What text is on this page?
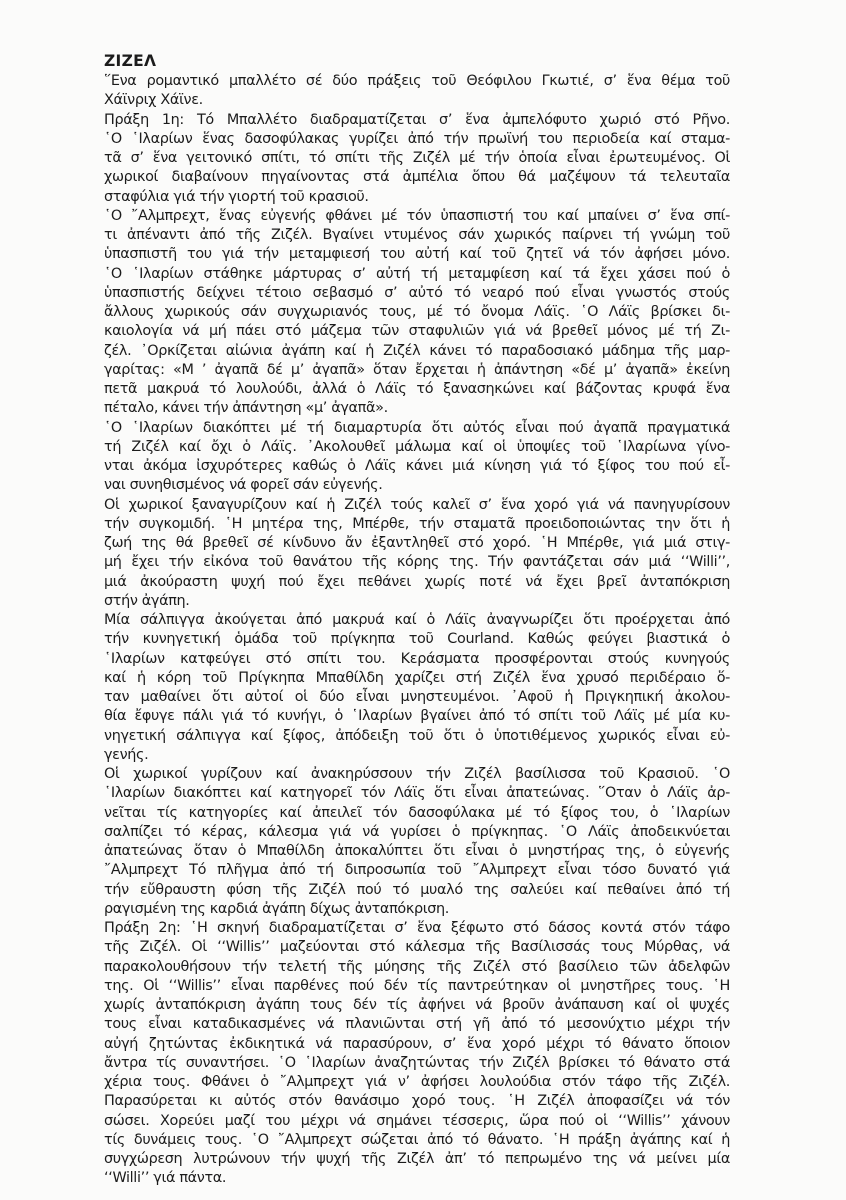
ΖΙΖΕΛ
῞Ενα ρομαντικό μπαλλέτο σέ δύο πράξεις τοῦ Θεόφιλου Γκωτιέ, σ’ ἕνα θέμα τοῦ
Χάϊνριχ Χάϊνε.
Πράξη 1η: Τό Μπαλλέτο διαδραματίζεται σ’ ἕνα ἀμπελόφυτο χωριό στό Ρῆνο.
῾Ο ῾Ιλαρίων ἕνας δασοφύλακας γυρίζει ἀπό τήν πρωϊνή του περιοδεία καί σταμα-
τᾶ σ’ ἕνα γειτονικό σπίτι, τό σπίτι τῆς Ζιζέλ μέ τήν ὁποία εἶναι ἐρωτευμένος. Οἱ
χωρικοί διαβαίνουν πηγαίνοντας στά ἀμπέλια ὅπου θά μαζέψουν τά τελευταῖα
σταφύλια γιά τήν γιορτή τοῦ κρασιοῦ.
῾Ο ῎Αλμπρεχτ, ἕνας εὐγενής φθάνει μέ τόν ὑπασπιστή του καί μπαίνει σ’ ἕνα σπί-
τι ἀπέναντι ἀπό τῆς Ζιζέλ. Βγαίνει ντυμένος σάν χωρικός παίρνει τή γνώμη τοῦ
ὑπασπιστῆ του γιά τήν μεταμφιεσή του αὐτή καί τοῦ ζητεῖ νά τόν ἀφήσει μόνο.
῾Ο ῾Ιλαρίων στάθηκε μάρτυρας σ’ αὐτή τή μεταμφίεση καί τά ἔχει χάσει πού ὁ
ὑπασπιστής δείχνει τέτοιο σεβασμό σ’ αὐτό τό νεαρό πού εἶναι γνωστός στούς
ἄλλους χωρικούς σάν συγχωριανός τους, μέ τό ὄνομα Λάϊς. ῾Ο Λάϊς βρίσκει δι-
καιολογία νά μή πάει στό μάζεμα τῶν σταφυλιῶν γιά νά βρεθεῖ μόνος μέ τή Ζι-
ζέλ. ᾿Ορκίζεται αἰώνια ἀγάπη καί ἡ Ζιζέλ κάνει τό παραδοσιακό μάδημα τῆς μαρ-
γαρίτας: «Μ ’ ἀγαπᾶ δέ μ’ ἀγαπᾶ» ὅταν ἔρχεται ἡ ἀπάντηση «δέ μ’ ἀγαπᾶ» ἐκείνη
πετᾶ μακρυά τό λουλούδι, ἀλλά ὁ Λάϊς τό ξανασηκώνει καί βάζοντας κρυφά ἕνα
πέταλο, κάνει τήν ἀπάντηση «μ’ ἀγαπᾶ».
῾Ο ῾Ιλαρίων διακόπτει μέ τή διαμαρτυρία ὅτι αὐτός εἶναι πού ἀγαπᾶ πραγματικά
τή Ζιζέλ καί ὄχι ὁ Λάϊς. ᾿Ακολουθεῖ μάλωμα καί οἱ ὑποψίες τοῦ ῾Ιλαρίωνα γίνο-
νται ἀκόμα ἰσχυρότερες καθώς ὁ Λάϊς κάνει μιά κίνηση γιά τό ξίφος του πού εἶ-
ναι συνηθισμένος νά φορεῖ σάν εὐγενής.
Οἱ χωρικοί ξαναγυρίζουν καί ἡ Ζιζέλ τούς καλεῖ σ’ ἕνα χορό γιά νά πανηγυρίσουν
τήν συγκομιδή. ῾Η μητέρα της, Μπέρθε, τήν σταματᾶ προειδοποιώντας την ὅτι ἡ
ζωή της θά βρεθεῖ σέ κίνδυνο ἄν ἐξαντληθεῖ στό χορό. ῾Η Μπέρθε, γιά μιά στιγ-
μή ἔχει τήν εἰκόνα τοῦ θανάτου τῆς κόρης της. Τήν φαντάζεται σάν μιά ‘‘Willi’’,
μιά ἀκούραστη ψυχή πού ἔχει πεθάνει χωρίς ποτέ νά ἔχει βρεῖ ἀνταπόκριση
στήν ἀγάπη.
Μία σάλπιγγα ἀκούγεται ἀπό μακρυά καί ὁ Λάϊς ἀναγνωρίζει ὅτι προέρχεται ἀπό
τήν κυνηγετική ὁμάδα τοῦ πρίγκηπα τοῦ Courland. Καθώς φεύγει βιαστικά ὁ
῾Ιλαρίων κατφεύγει στό σπίτι του. Κεράσματα προσφέρονται στούς κυνηγούς
καί ἡ κόρη τοῦ Πρίγκηπα Μπαθίλδη χαρίζει στή Ζιζέλ ἕνα χρυσό περιδέραιο ὅ-
ταν μαθαίνει ὅτι αὐτοί οἱ δύο εἶναι μνηστευμένοι. ᾿Αφοῦ ἡ Πριγκηπική ἀκολου-
θία ἔφυγε πάλι γιά τό κυνήγι, ὁ ῾Ιλαρίων βγαίνει ἀπό τό σπίτι τοῦ Λάϊς μέ μία κυ-
νηγετική σάλπιγγα καί ξίφος, ἀπόδειξη τοῦ ὅτι ὁ ὑποτιθέμενος χωρικός εἶναι εὐ-
γενής.
Οἱ χωρικοί γυρίζουν καί ἀνακηρύσσουν τήν Ζιζέλ βασίλισσα τοῦ Κρασιοῦ. ῾Ο
῾Ιλαρίων διακόπτει καί κατηγορεῖ τόν Λάϊς ὅτι εἶναι ἀπατεώνας. ῞Οταν ὁ Λάϊς ἀρ-
νεῖται τίς κατηγορίες καί ἀπειλεῖ τόν δασοφύλακα μέ τό ξίφος του, ὁ ῾Ιλαρίων
σαλπίζει τό κέρας, κάλεσμα γιά νά γυρίσει ὁ πρίγκηπας. ῾Ο Λάϊς ἀποδεικνύεται
ἀπατεώνας ὅταν ὁ Μπαθίλδη ἀποκαλύπτει ὅτι εἶναι ὁ μνηστήρας της, ὁ εὐγενής
῎Αλμπρεχτ Τό πλῆγμα ἀπό τή διπροσωπία τοῦ ῎Αλμπρεχτ εἶναι τόσο δυνατό γιά
τήν εὔθραυστη φύση τῆς Ζιζέλ πού τό μυαλό της σαλεύει καί πεθαίνει ἀπό τή
ραγισμένη της καρδιά ἀγάπη δίχως ἀνταπόκριση.
Πράξη 2η: ῾Η σκηνή διαδραματίζεται σ’ ἕνα ξέφωτο στό δάσος κοντά στόν τάφο
τῆς Ζιζέλ. Οἱ ‘‘Willis’’ μαζεύονται στό κάλεσμα τῆς Βασίλισσάς τους Μύρθας, νά
παρακολουθήσουν τήν τελετή τῆς μύησης τῆς Ζιζέλ στό βασίλειο τῶν ἀδελφῶν
της. Οἱ ‘‘Willis’’ εἶναι παρθένες πού δέν τίς παντρεύτηκαν οἱ μνηστῆρες τους. ῾Η
χωρίς ἀνταπόκριση ἀγάπη τους δέν τίς ἀφήνει νά βροῦν ἀνάπαυση καί οἱ ψυχές
τους εἶναι καταδικασμένες νά πλανιῶνται στή γῆ ἀπό τό μεσονύχτιο μέχρι τήν
αὐγή ζητώντας ἐκδικητικά νά παρασύρουν, σ’ ἕνα χορό μέχρι τό θάνατο ὅποιον
ἄντρα τίς συναντήσει. ῾Ο ῾Ιλαρίων ἀναζητώντας τήν Ζιζέλ βρίσκει τό θάνατο στά
χέρια τους. Φθάνει ὁ ῎Αλμπρεχτ γιά ν’ ἀφήσει λουλούδια στόν τάφο τῆς Ζιζέλ.
Παρασύρεται κι αὐτός στόν θανάσιμο χορό τους. ῾Η Ζιζέλ ἀποφασίζει νά τόν
σώσει. Χορεύει μαζί του μέχρι νά σημάνει τέσσερις, ὥρα πού οἱ ‘‘Willis’’ χάνουν
τίς δυνάμεις τους. ῾Ο ῎Αλμπρεχτ σώζεται ἀπό τό θάνατο. ῾Η πράξη ἀγάπης καί ἡ
συγχώρεση λυτρώνουν τήν ψυχή τῆς Ζιζέλ ἀπ’ τό πεπρωμένο της νά μείνει μία
‘‘Willi’’ γιά πάντα.
